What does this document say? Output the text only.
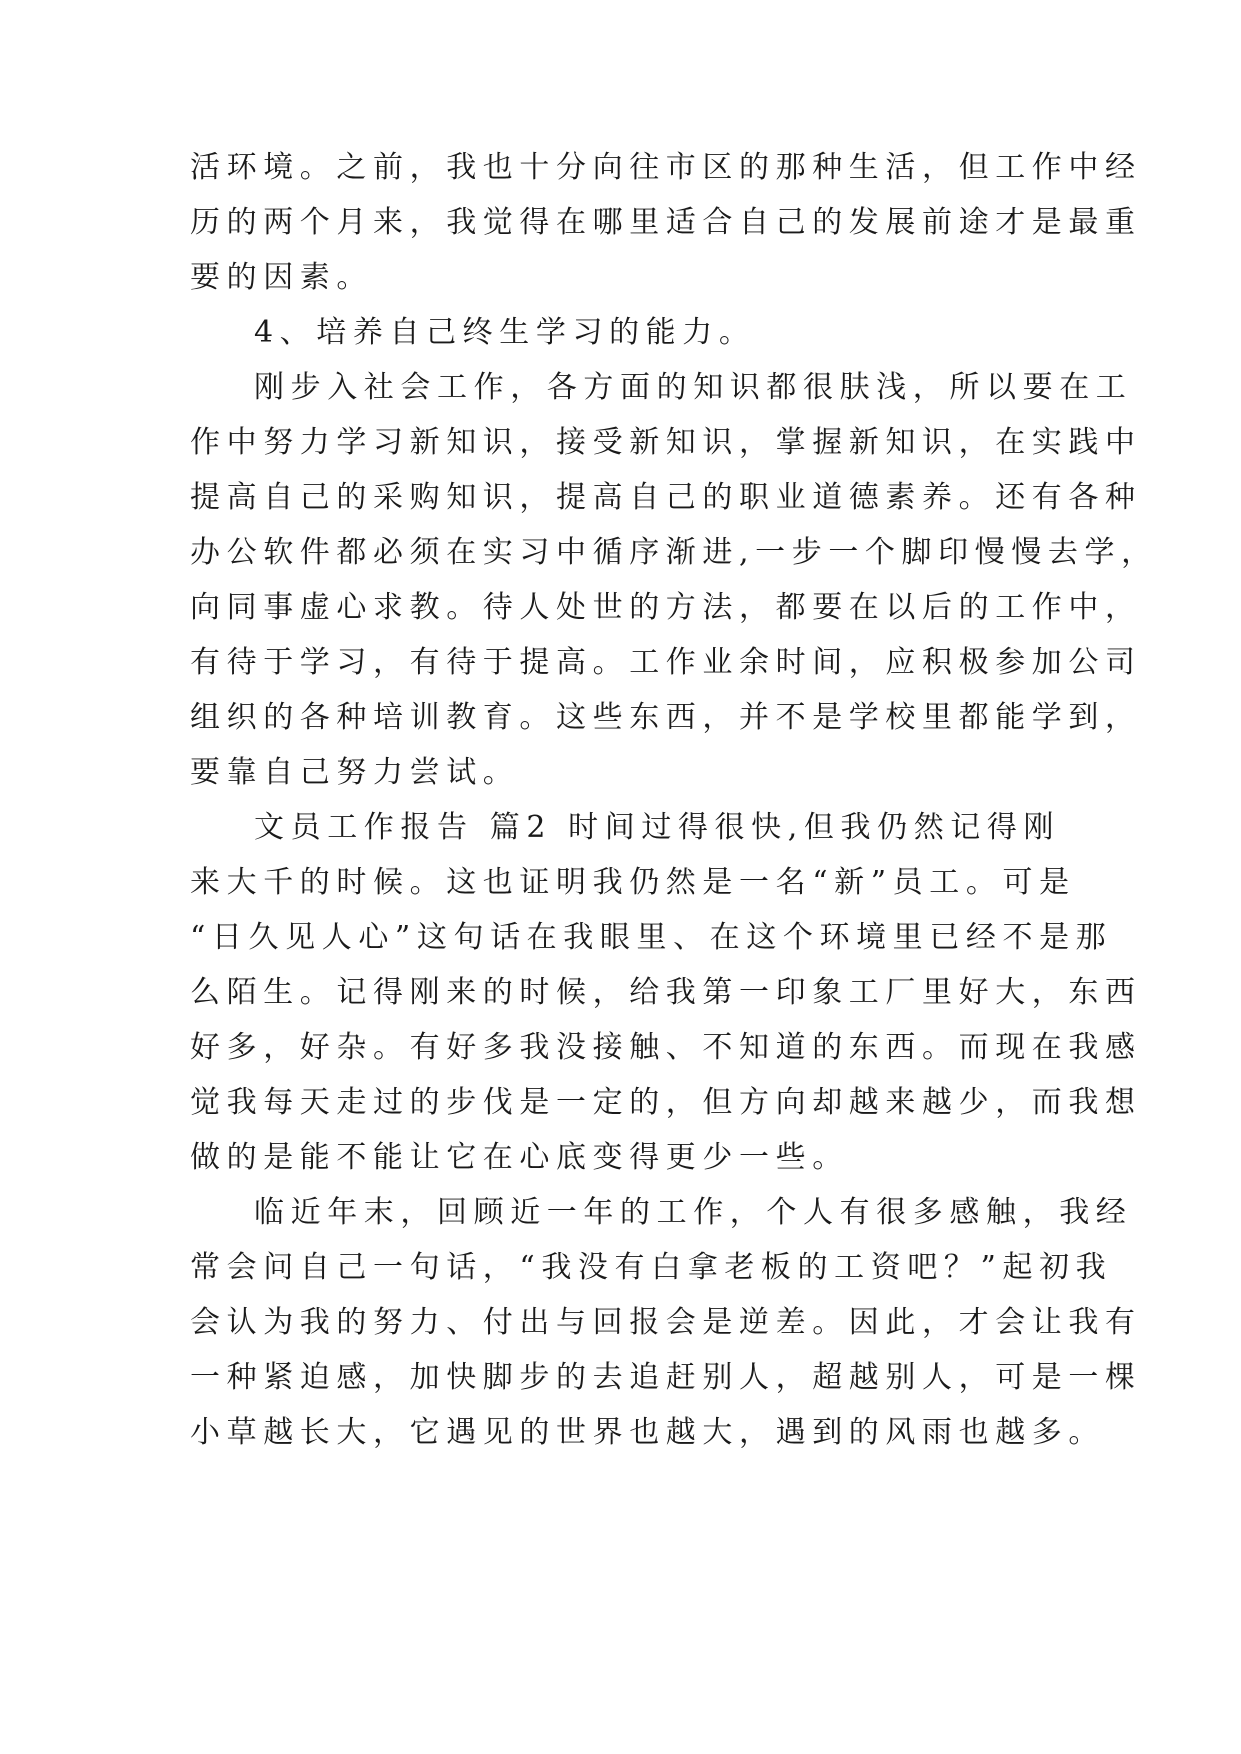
活环境。之前，我也十分向往市区的那种生活，但工作中经
历的两个月来，我觉得在哪里适合自己的发展前途才是最重
要的因素。
4、培养自己终生学习的能力。
刚步入社会工作，各方面的知识都很肤浅，所以要在工
作中努力学习新知识，接受新知识，掌握新知识，在实践中
提高自己的采购知识，提高自己的职业道德素养。还有各种
办公软件都必须在实习中循序渐进,一步一个脚印慢慢去学，
向同事虚心求教。待人处世的方法，都要在以后的工作中，
有待于学习，有待于提高。工作业余时间，应积极参加公司
组织的各种培训教育。这些东西，并不是学校里都能学到，
要靠自己努力尝试。
文员工作报告 篇2 时间过得很快,但我仍然记得刚
来大千的时候。这也证明我仍然是一名“新”员工。可是
“日久见人心”这句话在我眼里、在这个环境里已经不是那
么陌生。记得刚来的时候，给我第一印象工厂里好大，东西
好多，好杂。有好多我没接触、不知道的东西。而现在我感
觉我每天走过的步伐是一定的，但方向却越来越少，而我想
做的是能不能让它在心底变得更少一些。
临近年末，回顾近一年的工作，个人有很多感触，我经
常会问自己一句话，“我没有白拿老板的工资吧？”起初我
会认为我的努力、付出与回报会是逆差。因此，才会让我有
一种紧迫感，加快脚步的去追赶别人，超越别人，可是一棵
小草越长大，它遇见的世界也越大，遇到的风雨也越多。
